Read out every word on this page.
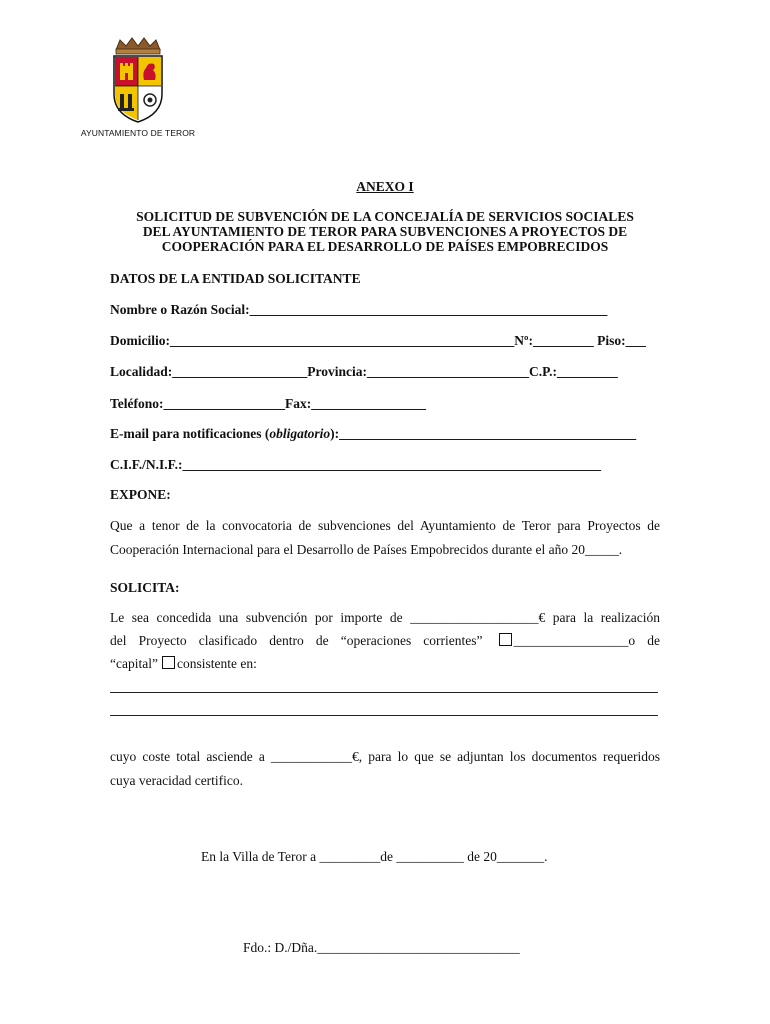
AYUNTAMIENTO DE TEROR
ANEXO I
SOLICITUD DE SUBVENCIÓN DE LA CONCEJALÍA DE SERVICIOS SOCIALES
DEL AYUNTAMIENTO DE TEROR PARA SUBVENCIONES A PROYECTOS DE
COOPERACIÓN PARA EL DESARROLLO DE PAÍSES EMPOBRECIDOS
DATOS DE LA ENTIDAD SOLICITANTE
Nombre o Razón Social:_____________________________________________________
Domicilio:___________________________________________________Nº:_________ Piso:___
Localidad:____________________Provincia:________________________C.P.:_________
Teléfono:__________________Fax:_________________
E-mail para notificaciones (obligatorio):____________________________________________
C.I.F./N.I.F.:______________________________________________________________
EXPONE:
Que a tenor de la convocatoria de subvenciones del Ayuntamiento de Teror para Proyectos de
Cooperación Internacional para el Desarrollo de Países Empobrecidos durante el año 20_____.
SOLICITA:
Le sea concedida una subvención por importe de ___________________€ para la realización
del Proyecto clasificado dentro de “operaciones corrientes” _________________o de
“capital” consistente en:
cuyo coste total asciende a ____________€, para lo que se adjuntan los documentos requeridos
cuya veracidad certifico.
En la Villa de Teror a _________de __________ de 20_______.
Fdo.: D./Dña.______________________________
